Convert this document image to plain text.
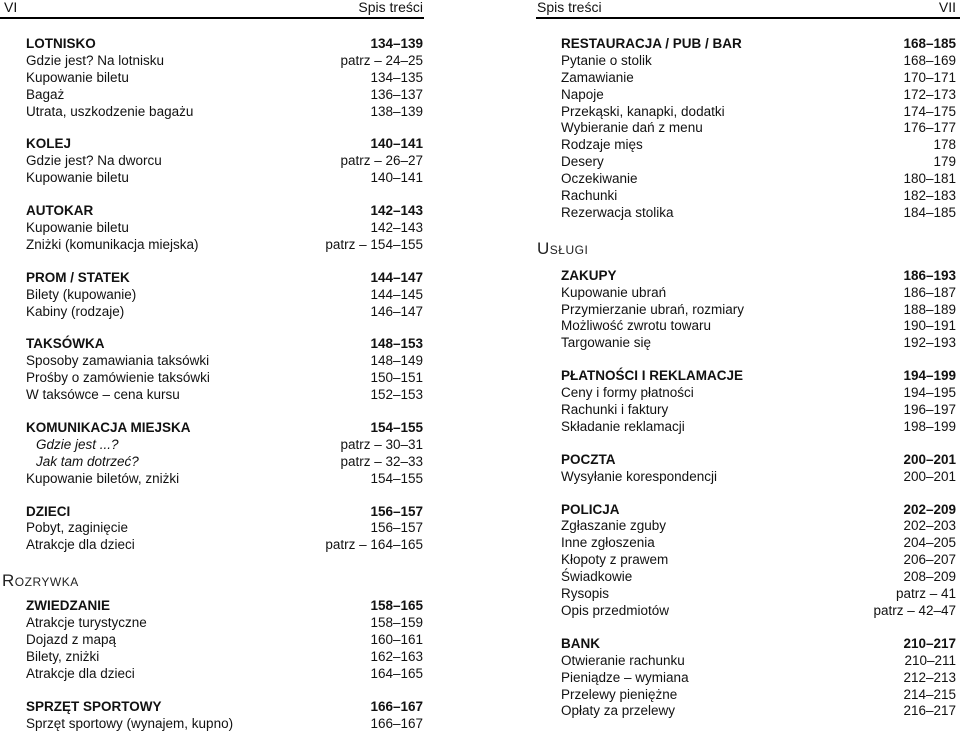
VI	Spis treści	Spis treści	VII
LOTNISKO	134–139
Gdzie jest? Na lotnisku	patrz – 24–25
Kupowanie biletu	134–135
Bagaż	136–137
Utrata, uszkodzenie bagażu	138–139
KOLEJ	140–141
Gdzie jest? Na dworcu	patrz – 26–27
Kupowanie biletu	140–141
AUTOKAR	142–143
Kupowanie biletu	142–143
Zniżki (komunikacja miejska)	patrz – 154–155
PROM / STATEK	144–147
Bilety (kupowanie)	144–145
Kabiny (rodzaje)	146–147
TAKSÓWKA	148–153
Sposoby zamawiania taksówki	148–149
Prośby o zamówienie taksówki	150–151
W taksówce – cena kursu	152–153
KOMUNIKACJA MIEJSKA	154–155
Gdzie jest ...?	patrz – 30–31
Jak tam dotrzeć?	patrz – 32–33
Kupowanie biletów, zniżki	154–155
DZIECI	156–157
Pobyt, zaginięcie	156–157
Atrakcje dla dzieci	patrz – 164–165
Rozrywka
ZWIEDZANIE	158–165
Atrakcje turystyczne	158–159
Dojazd z mapą	160–161
Bilety, zniżki	162–163
Atrakcje dla dzieci	164–165
SPRZĘT SPORTOWY	166–167
Sprzęt sportowy (wynajem, kupno)	166–167
RESTAURACJA / PUB / BAR	168–185
Pytanie o stolik	168–169
Zamawianie	170–171
Napoje	172–173
Przekąski, kanapki, dodatki	174–175
Wybieranie dań z menu	176–177
Rodzaje mięs	178
Desery	179
Oczekiwanie	180–181
Rachunki	182–183
Rezerwacja stolika	184–185
Usługi
ZAKUPY	186–193
Kupowanie ubrań	186–187
Przymierzanie ubrań, rozmiary	188–189
Możliwość zwrotu towaru	190–191
Targowanie się	192–193
PŁATNOŚCI I REKLAMACJE	194–199
Ceny i formy płatności	194–195
Rachunki i faktury	196–197
Składanie reklamacji	198–199
POCZTA	200–201
Wysyłanie korespondencji	200–201
POLICJA	202–209
Zgłaszanie zguby	202–203
Inne zgłoszenia	204–205
Kłopoty z prawem	206–207
Świadkowie	208–209
Rysopis	patrz – 41
Opis przedmiotów	patrz – 42–47
BANK	210–217
Otwieranie rachunku	210–211
Pieniądze – wymiana	212–213
Przelewy pieniężne	214–215
Opłaty za przelewy	216–217
